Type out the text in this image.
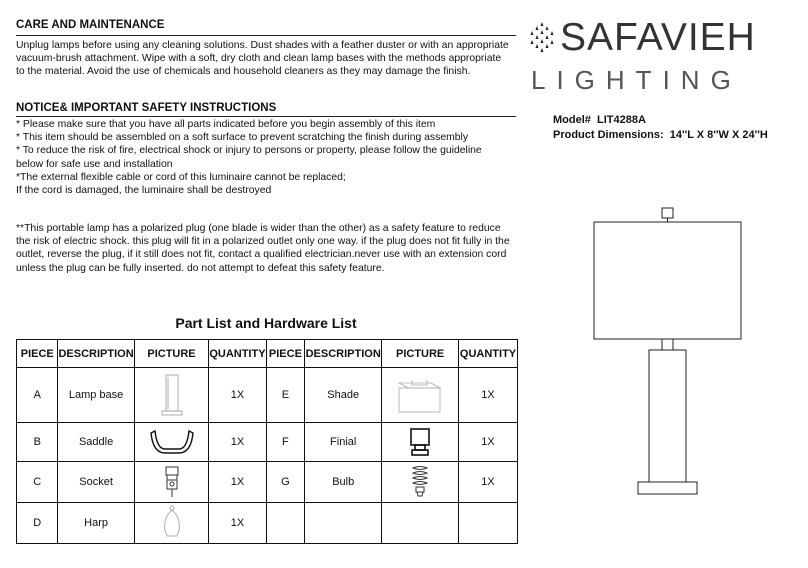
CARE AND MAINTENANCE
Unplug lamps before using any cleaning solutions. Dust shades with a feather duster or with an appropriate
vacuum-brush attachment. Wipe with a soft, dry cloth and clean lamp bases with the methods appropriate
to the material. Avoid the use of chemicals and household cleaners as they may damage the finish.
NOTICE& IMPORTANT SAFETY INSTRUCTIONS
* Please make sure that you have all parts indicated before you begin assembly of this item
* This item should be assembled on a soft surface to prevent scratching the finish during assembly
* To reduce the risk of fire, electrical shock or injury to persons or property, please follow the guideline
below for safe use and installation
*The external flexible cable or cord of this luminaire cannot be replaced;
If the cord is damaged, the luminaire shall be destroyed
**This portable lamp has a polarized plug (one blade is wider than the other) as a safety feature to reduce
the risk of electric shock. this plug will fit in a polarized outlet only one way. if the plug does not fit fully in the
outlet, reverse the plug, if it still does not fit, contact a qualified electrician.never use with an extension cord
unless the plug can be fully inserted. do not attempt to defeat this safety feature.
SAFAVIEH
LIGHTING
Model# LIT4288A
Product Dimensions: 14''L X 8''W X 24''H
Part List and Hardware List
PIECE	DESCRIPTION	PICTURE	QUANTITY	PIECE	DESCRIPTION	PICTURE	QUANTITY
A	Lamp base		1X	E	Shade		1X
B	Saddle		1X	F	Finial		1X
C	Socket		1X	G	Bulb		1X
D	Harp		1X				
